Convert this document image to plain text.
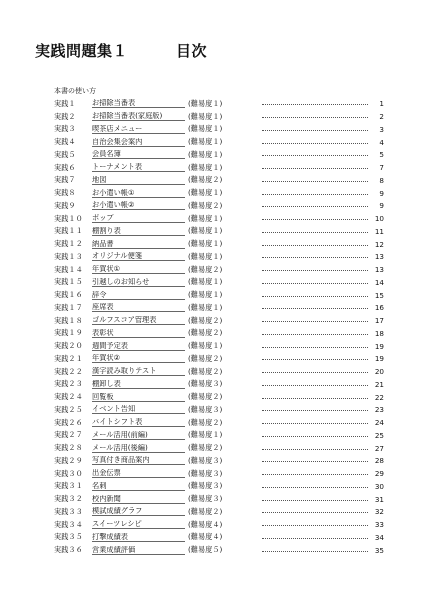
実践問題集１	目次
本書の使い方
実践１	お掃除当番表	(難易度１)	1
実践２	お掃除当番表(家庭版)	(難易度１)	2
実践３	喫茶店メニュー	(難易度１)	3
実践４	自治会集会案内	(難易度１)	4
実践５	会員名簿	(難易度１)	5
実践６	トーナメント表	(難易度１)	7
実践７	地図	(難易度２)	8
実践８	お小遣い帳①	(難易度１)	9
実践９	お小遣い帳②	(難易度２)	9
実践１０	ポップ	(難易度１)	10
実践１１	棚割り表	(難易度１)	11
実践１２	納品書	(難易度１)	12
実践１３	オリジナル便箋	(難易度１)	13
実践１４	年賀状①	(難易度２)	13
実践１５	引越しのお知らせ	(難易度１)	14
実践１６	辞令	(難易度１)	15
実践１７	座席表	(難易度１)	16
実践１８	ゴルフスコア管理表	(難易度２)	17
実践１９	表彰状	(難易度２)	18
実践２０	週間予定表	(難易度１)	19
実践２１	年賀状②	(難易度２)	19
実践２２	漢字読み取りテスト	(難易度２)	20
実践２３	棚卸し表	(難易度３)	21
実践２４	回覧板	(難易度２)	22
実践２５	イベント告知	(難易度３)	23
実践２６	バイトシフト表	(難易度２)	24
実践２７	メール活用(前編)	(難易度１)	25
実践２８	メール活用(後編)	(難易度２)	27
実践２９	写真付き商品案内	(難易度３)	28
実践３０	出金伝票	(難易度３)	29
実践３１	名刺	(難易度３)	30
実践３２	校内新聞	(難易度３)	31
実践３３	模試成績グラフ	(難易度２)	32
実践３４	スイーツレシピ	(難易度４)	33
実践３５	打撃成績表	(難易度４)	34
実践３６	営業成績評価	(難易度５)	35
